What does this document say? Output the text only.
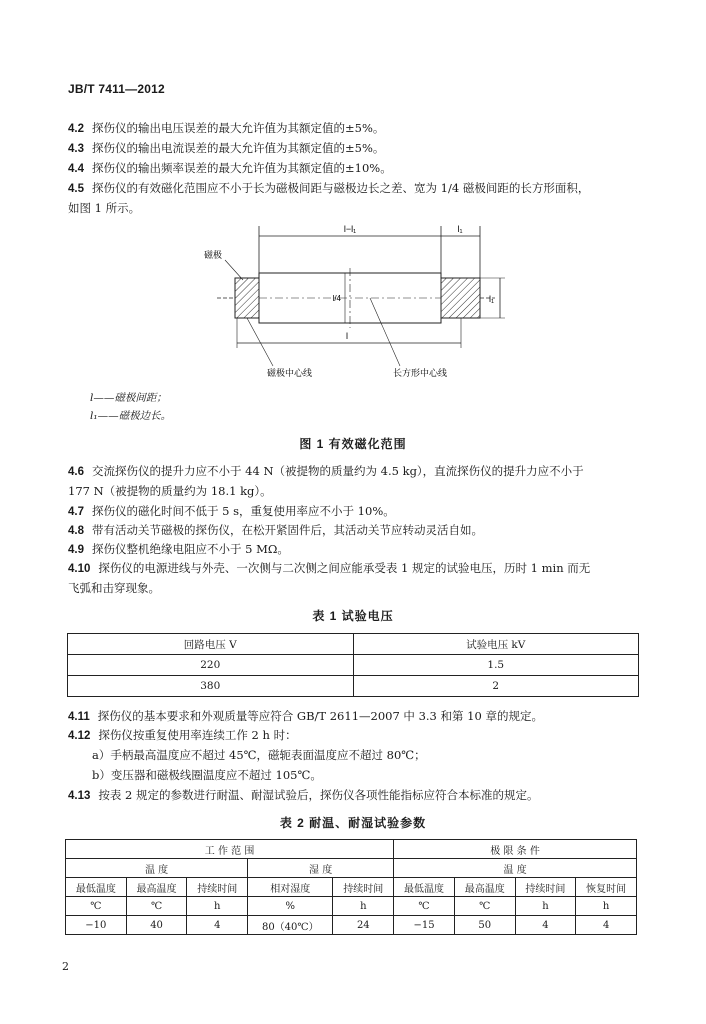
JB/T 7411—2012
4.2 探伤仪的输出电压误差的最大允许值为其额定值的±5%。
4.3 探伤仪的输出电流误差的最大允许值为其额定值的±5%。
4.4 探伤仪的输出频率误差的最大允许值为其额定值的±10%。
4.5 探伤仪的有效磁化范围应不小于长为磁极间距与磁极边长之差、宽为 1/4 磁极间距的长方形面积，
如图 1 所示。
l−l₁	l₁
l/4	l₁
l
磁极
磁极中心线	长方形中心线
l——磁极间距；
l₁——磁极边长。
图 1 有效磁化范围
4.6 交流探伤仪的提升力应不小于 44 N（被提物的质量约为 4.5 kg），直流探伤仪的提升力应不小于
177 N（被提物的质量约为 18.1 kg）。
4.7 探伤仪的磁化时间不低于 5 s，重复使用率应不小于 10%。
4.8 带有活动关节磁极的探伤仪，在松开紧固件后，其活动关节应转动灵活自如。
4.9 探伤仪整机绝缘电阻应不小于 5 MΩ。
4.10 探伤仪的电源进线与外壳、一次侧与二次侧之间应能承受表 1 规定的试验电压，历时 1 min 而无
飞弧和击穿现象。
表 1 试验电压
回路电压 V	试验电压 kV
220	1.5
380	2
4.11 探伤仪的基本要求和外观质量等应符合 GB/T 2611—2007 中 3.3 和第 10 章的规定。
4.12 探伤仪按重复使用率连续工作 2 h 时：
a）手柄最高温度应不超过 45℃，磁轭表面温度应不超过 80℃；
b）变压器和磁极线圈温度应不超过 105℃。
4.13 按表 2 规定的参数进行耐温、耐湿试验后，探伤仪各项性能指标应符合本标准的规定。
表 2 耐温、耐湿试验参数
工 作 范 围					极 限 条 件			
温 度			湿 度		温 度			
最低温度	最高温度	持续时间	相对湿度	持续时间	最低温度	最高温度	持续时间	恢复时间
℃	℃	h	%	h	℃	℃	h	h
−10	40	4	80（40℃）	24	−15	50	4	4
2
